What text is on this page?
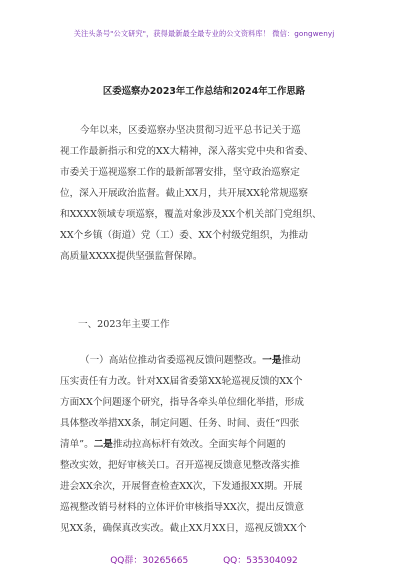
关注头条号"公文研究"，获得最新最全最专业的公文资料库！ 微信：gongwenyj
区委巡察办2023年工作总结和2024年工作思路
今年以来，区委巡察办坚决贯彻习近平总书记关于巡
视工作最新指示和党的XX大精神，深入落实党中央和省委、
市委关于巡视巡察工作的最新部署安排，坚守政治巡察定
位，深入开展政治监督。截止XX月，共开展XX轮常规巡察
和XXXX领域专项巡察，覆盖对象涉及XX个机关部门党组织、
XX个乡镇（街道）党（工）委、XX个村级党组织，为推动
高质量XXXX提供坚强监督保障。
一、2023年主要工作
（一）高站位推动省委巡视反馈问题整改。一是推动
压实责任有力改。针对XX届省委第XX轮巡视反馈的XX个
方面XX个问题逐个研究，指导各牵头单位细化举措，形成
具体整改举措XX条，制定问题、任务、时间、责任“四张
清单”。二是推动拉高标杆有效改。全面实每个问题的
整改实效，把好审核关口。召开巡视反馈意见整改落实推
进会XX余次，开展督查检查XX次，下发通报XX期。开展
巡视整改销号材料的立体评价审核指导XX次，提出反馈意
见XX条，确保真改实改。截止XX月XX日，巡视反馈XX个
QQ群：30265665	QQ：535304092
